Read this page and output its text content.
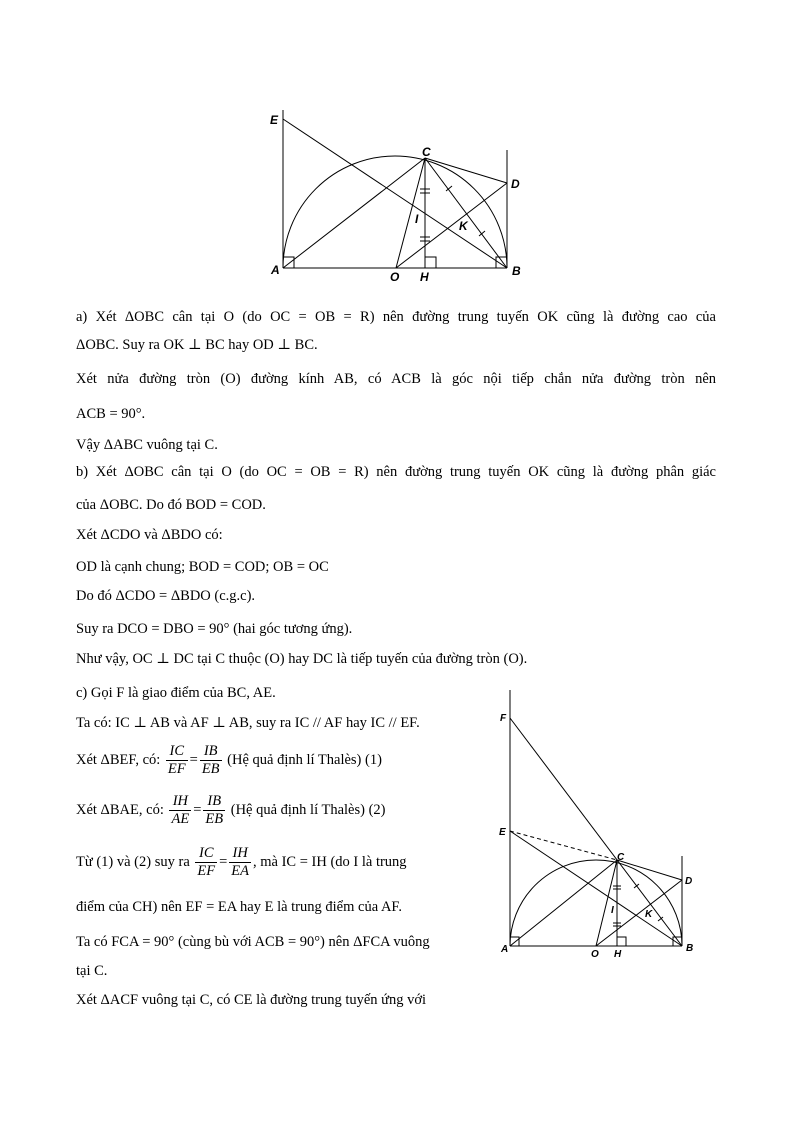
E
C
D
I	K
A	O H	B
a) Xét ΔOBC cân tại O (do OC = OB = R) nên đường trung tuyến OK cũng là đường cao của
ΔOBC. Suy ra OK ⊥ BC hay OD ⊥ BC.
Xét nửa đường tròn (O) đường kính AB, có ACB là góc nội tiếp chắn nửa đường tròn nên
ACB = 90°.
Vậy ΔABC vuông tại C.
b) Xét ΔOBC cân tại O (do OC = OB = R) nên đường trung tuyến OK cũng là đường phân giác
của ΔOBC. Do đó BOD = COD.
Xét ΔCDO và ΔBDO có:
OD là cạnh chung; BOD = COD; OB = OC
Do đó ΔCDO = ΔBDO (c.g.c).
Suy ra DCO = DBO = 90° (hai góc tương ứng).
Như vậy, OC ⊥ DC tại C thuộc (O) hay DC là tiếp tuyến của đường tròn (O).
c) Gọi F là giao điểm của BC, AE.
Ta có: IC ⊥ AB và AF ⊥ AB, suy ra IC // AF hay IC // EF.
Xét ΔBEF, có: $\frac{IC}{EF} = \frac{IB}{EB}$ (Hệ quả định lí Thalès) (1)
Xét ΔBAE, có: $\frac{IH}{AE} = \frac{IB}{EB}$ (Hệ quả định lí Thalès) (2)
Từ (1) và (2) suy ra $\frac{IC}{EF} = \frac{IH}{EA}$ , mà IC = IH (do I là trung
điểm của CH) nên EF = EA hay E là trung điểm của AF.
Ta có FCA = 90° (cùng bù với ACB = 90°) nên ΔFCA vuông
tại C.
Xét ΔACF vuông tại C, có CE là đường trung tuyến ứng với
F
E
C
D
I	K
A	O H
B
